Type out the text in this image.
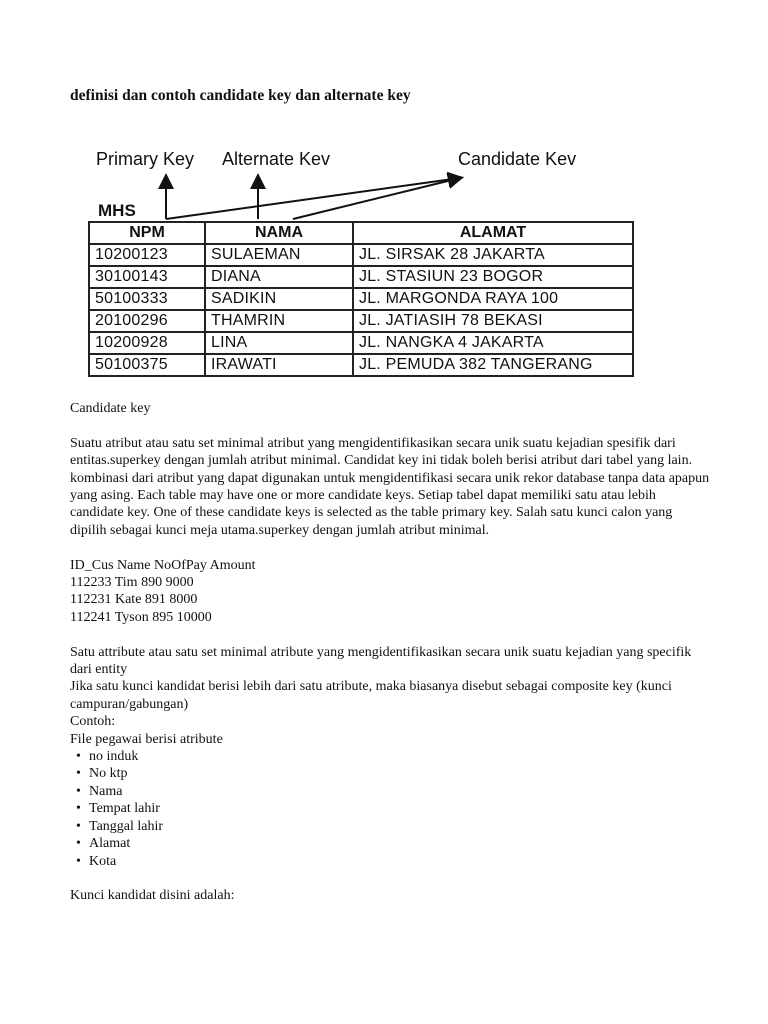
definisi dan contoh candidate key dan alternate key
Primary Key Alternate Kev	Candidate Kev
MHS
NPM	NAMA	ALAMAT
10200123	SULAEMAN	JL. SIRSAK 28 JAKARTA
30100143	DIANA	JL. STASIUN 23 BOGOR
50100333	SADIKIN	JL. MARGONDA RAYA 100
20100296	THAMRIN	JL. JATIASIH 78 BEKASI
10200928	LINA	JL. NANGKA 4 JAKARTA
50100375	IRAWATI	JL. PEMUDA 382 TANGERANG

Candidate key

Suatu atribut atau satu set minimal atribut yang mengidentifikasikan secara unik suatu kejadian spesifik dari entitas.superkey dengan jumlah atribut minimal. Candidat key ini tidak boleh berisi atribut dari tabel yang lain. kombinasi dari atribut yang dapat digunakan untuk mengidentifikasi secara unik rekor database tanpa data apapun yang asing. Each table may have one or more candidate keys. Setiap tabel dapat memiliki satu atau lebih candidate key. One of these candidate keys is selected as the table primary key. Salah satu kunci calon yang dipilih sebagai kunci meja utama.superkey dengan jumlah atribut minimal.

ID_Cus Name NoOfPay Amount

112233 Tim 890 9000

112231 Kate 891 8000

112241 Tyson 895 10000

Satu attribute atau satu set minimal atribute yang mengidentifikasikan secara unik suatu kejadian yang specifik dari entity

Jika satu kunci kandidat berisi lebih dari satu atribute, maka biasanya disebut sebagai composite key (kunci campuran/gabungan)

Contoh:

File pegawai berisi atribute

• no induk
• No ktp
• Nama
• Tempat lahir
• Tanggal lahir
• Alamat
• Kota

Kunci kandidat disini adalah:
